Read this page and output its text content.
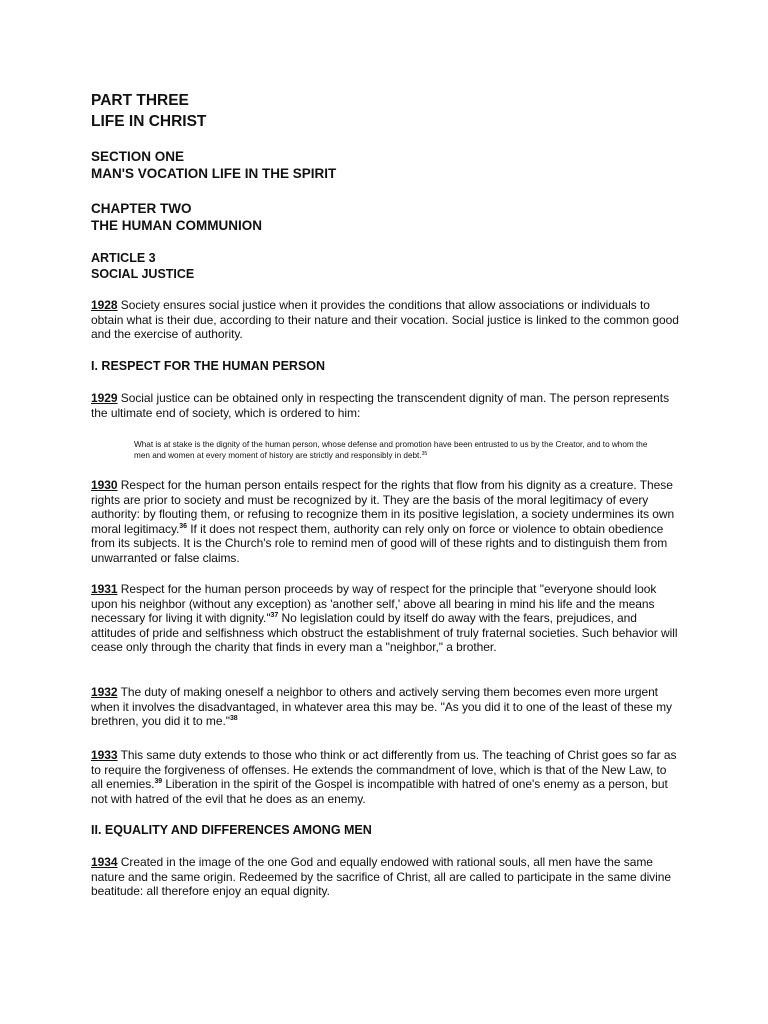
PART THREE
LIFE IN CHRIST
SECTION ONE
MAN'S VOCATION LIFE IN THE SPIRIT
CHAPTER TWO
THE HUMAN COMMUNION
ARTICLE 3
SOCIAL JUSTICE

1928 Society ensures social justice when it provides the conditions that allow associations or individuals to obtain what is their due, according to their nature and their vocation. Social justice is linked to the common good and the exercise of authority.

I. RESPECT FOR THE HUMAN PERSON

1929 Social justice can be obtained only in respecting the transcendent dignity of man. The person represents the ultimate end of society, which is ordered to him:

What is at stake is the dignity of the human person, whose defense and promotion have been entrusted to us by the Creator, and to whom the men and women at every moment of history are strictly and responsibly in debt.$^{35}$

1930 Respect for the human person entails respect for the rights that flow from his dignity as a creature. These rights are prior to society and must be recognized by it. They are the basis of the moral legitimacy of every authority: by flouting them, or refusing to recognize them in its positive legislation, a society undermines its own moral legitimacy.$^{36}$ If it does not respect them, authority can rely only on force or violence to obtain obedience from its subjects. It is the Church's role to remind men of good will of these rights and to distinguish them from unwarranted or false claims.

1931 Respect for the human person proceeds by way of respect for the principle that "everyone should look upon his neighbor (without any exception) as 'another self,' above all bearing in mind his life and the means necessary for living it with dignity."$^{37}$ No legislation could by itself do away with the fears, prejudices, and attitudes of pride and selfishness which obstruct the establishment of truly fraternal societies. Such behavior will cease only through the charity that finds in every man a "neighbor," a brother.

1932 The duty of making oneself a neighbor to others and actively serving them becomes even more urgent when it involves the disadvantaged, in whatever area this may be. "As you did it to one of the least of these my brethren, you did it to me."$^{38}$

1933 This same duty extends to those who think or act differently from us. The teaching of Christ goes so far as to require the forgiveness of offenses. He extends the commandment of love, which is that of the New Law, to all enemies.$^{39}$ Liberation in the spirit of the Gospel is incompatible with hatred of one's enemy as a person, but not with hatred of the evil that he does as an enemy.

II. EQUALITY AND DIFFERENCES AMONG MEN

1934 Created in the image of the one God and equally endowed with rational souls, all men have the same nature and the same origin. Redeemed by the sacrifice of Christ, all are called to participate in the same divine beatitude: all therefore enjoy an equal dignity.
